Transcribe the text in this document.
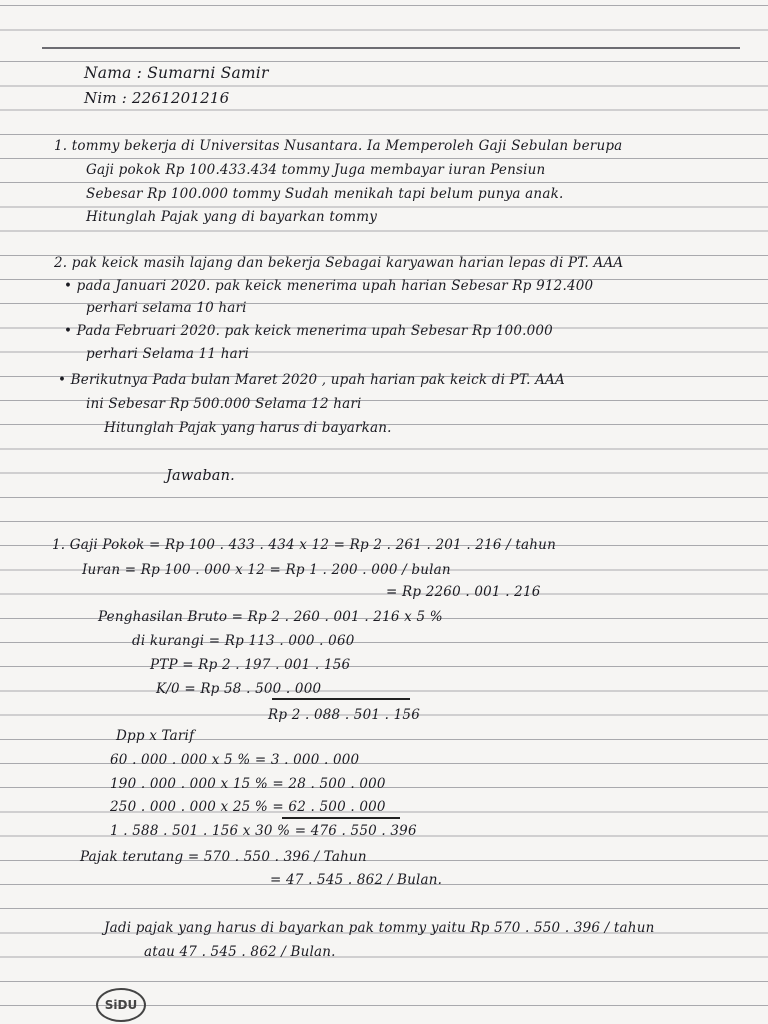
Nama : Sumarni Samir
Nim : 2261201216
1. tommy bekerja di Universitas Nusantara. Ia Memperoleh Gaji Sebulan berupa
Gaji pokok Rp 100.433.434 tommy Juga membayar iuran Pensiun
Sebesar Rp 100.000 tommy Sudah menikah tapi belum punya anak.
Hitunglah Pajak yang di bayarkan tommy
2. pak keick masih lajang dan bekerja Sebagai karyawan harian lepas di PT. AAA
• pada Januari 2020. pak keick menerima upah harian Sebesar Rp 912.400
perhari selama 10 hari
• Pada Februari 2020. pak keick menerima upah Sebesar Rp 100.000
perhari Selama 11 hari
• Berikutnya Pada bulan Maret 2020 , upah harian pak keick di PT. AAA
ini Sebesar Rp 500.000 Selama 12 hari
Hitunglah Pajak yang harus di bayarkan.
Jawaban.
1. Gaji Pokok = Rp 100 . 433 . 434 x 12 = Rp 2 . 261 . 201 . 216 / tahun
Iuran = Rp 100 . 000 x 12 = Rp 1 . 200 . 000 / bulan
= Rp 2260 . 001 . 216
Penghasilan Bruto = Rp 2 . 260 . 001 . 216 x 5 %
di kurangi = Rp 113 . 000 . 060
PTP = Rp 2 . 197 . 001 . 156
K/0 = Rp 58 . 500 . 000
Rp 2 . 088 . 501 . 156
Dpp x Tarif
60 . 000 . 000 x 5 % = 3 . 000 . 000
190 . 000 . 000 x 15 % = 28 . 500 . 000
250 . 000 . 000 x 25 % = 62 . 500 . 000
1 . 588 . 501 . 156 x 30 % = 476 . 550 . 396
Pajak terutang = 570 . 550 . 396 / Tahun
= 47 . 545 . 862 / Bulan.
Jadi pajak yang harus di bayarkan pak tommy yaitu Rp 570 . 550 . 396 / tahun
atau 47 . 545 . 862 / Bulan.
SiDU
